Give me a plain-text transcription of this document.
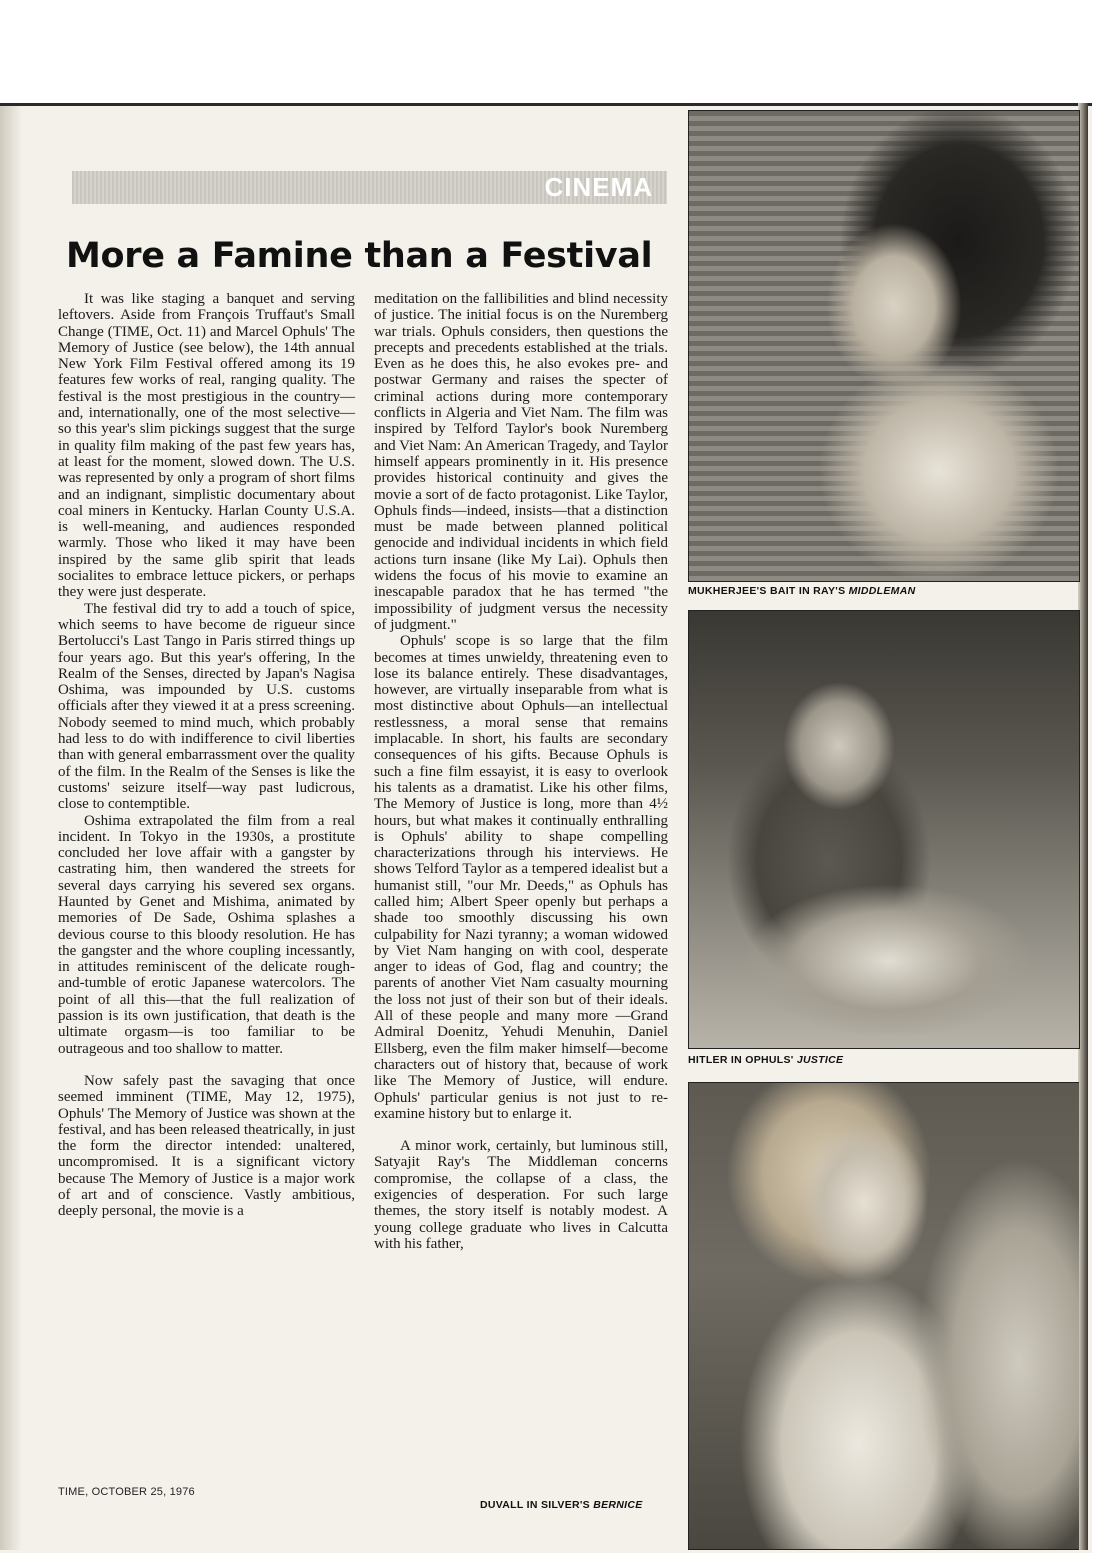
CINEMA
More a Famine than a Festival

It was like staging a banquet and serving leftovers. Aside from François Truffaut's Small Change (TIME, Oct. 11) and Marcel Ophuls' The Memory of Justice (see below), the 14th annual New York Film Festival offered among its 19 features few works of real, ranging quality. The festival is the most prestigious in the country—and, internationally, one of the most selective—so this year's slim pickings suggest that the surge in quality film making of the past few years has, at least for the moment, slowed down. The U.S. was represented by only a program of short films and an indignant, simplistic documentary about coal miners in Kentucky. Harlan County U.S.A. is well-meaning, and audiences responded warmly. Those who liked it may have been inspired by the same glib spirit that leads socialites to embrace lettuce pickers, or perhaps they were just desperate.

The festival did try to add a touch of spice, which seems to have become de rigueur since Bertolucci's Last Tango in Paris stirred things up four years ago. But this year's offering, In the Realm of the Senses, directed by Japan's Nagisa Oshima, was impounded by U.S. customs officials after they viewed it at a press screening. Nobody seemed to mind much, which probably had less to do with indifference to civil liberties than with general embarrassment over the quality of the film. In the Realm of the Senses is like the customs' seizure itself—way past ludicrous, close to contemptible.

Oshima extrapolated the film from a real incident. In Tokyo in the 1930s, a prostitute concluded her love affair with a gangster by castrating him, then wandered the streets for several days carrying his severed sex organs. Haunted by Genet and Mishima, animated by memories of De Sade, Oshima splashes a devious course to this bloody resolution. He has the gangster and the whore coupling incessantly, in attitudes reminiscent of the delicate rough-and-tumble of erotic Japanese watercolors. The point of all this—that the full realization of passion is its own justification, that death is the ultimate orgasm—is too familiar to be outrageous and too shallow to matter.

Now safely past the savaging that once seemed imminent (TIME, May 12, 1975), Ophuls' The Memory of Justice was shown at the festival, and has been released theatrically, in just the form the director intended: unaltered, uncompromised. It is a significant victory because The Memory of Justice is a major work of art and of conscience. Vastly ambitious, deeply personal, the movie is a

meditation on the fallibilities and blind necessity of justice. The initial focus is on the Nuremberg war trials. Ophuls considers, then questions the precepts and precedents established at the trials. Even as he does this, he also evokes pre- and postwar Germany and raises the specter of criminal actions during more contemporary conflicts in Algeria and Viet Nam. The film was inspired by Telford Taylor's book Nuremberg and Viet Nam: An American Tragedy, and Taylor himself appears prominently in it. His presence provides historical continuity and gives the movie a sort of de facto protagonist. Like Taylor, Ophuls finds—indeed, insists—that a distinction must be made between planned political genocide and individual incidents in which field actions turn insane (like My Lai). Ophuls then widens the focus of his movie to examine an inescapable paradox that he has termed "the impossibility of judgment versus the necessity of judgment."

Ophuls' scope is so large that the film becomes at times unwieldy, threatening even to lose its balance entirely. These disadvantages, however, are virtually inseparable from what is most distinctive about Ophuls—an intellectual restlessness, a moral sense that remains implacable. In short, his faults are secondary consequences of his gifts. Because Ophuls is such a fine film essayist, it is easy to overlook his talents as a dramatist. Like his other films, The Memory of Justice is long, more than 4½ hours, but what makes it continually enthralling is Ophuls' ability to shape compelling characterizations through his interviews. He shows Telford Taylor as a tempered idealist but a humanist still, "our Mr. Deeds," as Ophuls has called him; Albert Speer openly but perhaps a shade too smoothly discussing his own culpability for Nazi tyranny; a woman widowed by Viet Nam hanging on with cool, desperate anger to ideas of God, flag and country; the parents of another Viet Nam casualty mourning the loss not just of their son but of their ideals. All of these people and many more —Grand Admiral Doenitz, Yehudi Menuhin, Daniel Ellsberg, even the film maker himself—become characters out of history that, because of work like The Memory of Justice, will endure. Ophuls' particular genius is not just to re-examine history but to enlarge it.

A minor work, certainly, but luminous still, Satyajit Ray's The Middleman concerns compromise, the collapse of a class, the exigencies of desperation. For such large themes, the story itself is notably modest. A young college graduate who lives in Calcutta with his father,

MUKHERJEE'S BAIT IN RAY'S MIDDLEMAN
HITLER IN OPHULS' JUSTICE
DUVALL IN SILVER'S BERNICE
TIME, OCTOBER 25, 1976
